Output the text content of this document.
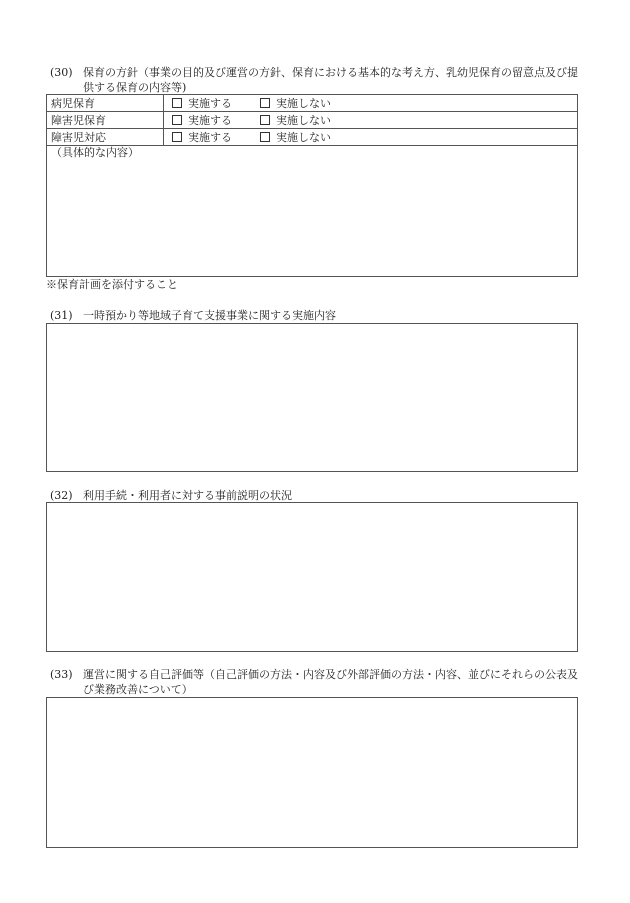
(30) 保育の方針（事業の目的及び運営の方針、保育における基本的な考え方、乳幼児保育の留意点及び提供する保育の内容等)
病児保育	実施する 実施しない
障害児保育	実施する 実施しない
障害児対応	実施する 実施しない
（具体的な内容）

※保育計画を添付すること

(31) 一時預かり等地域子育て支援事業に関する実施内容
(32) 利用手続・利用者に対する事前説明の状況
(33) 運営に関する自己評価等（自己評価の方法・内容及び外部評価の方法・内容、並びにそれらの公表及び業務改善について）
